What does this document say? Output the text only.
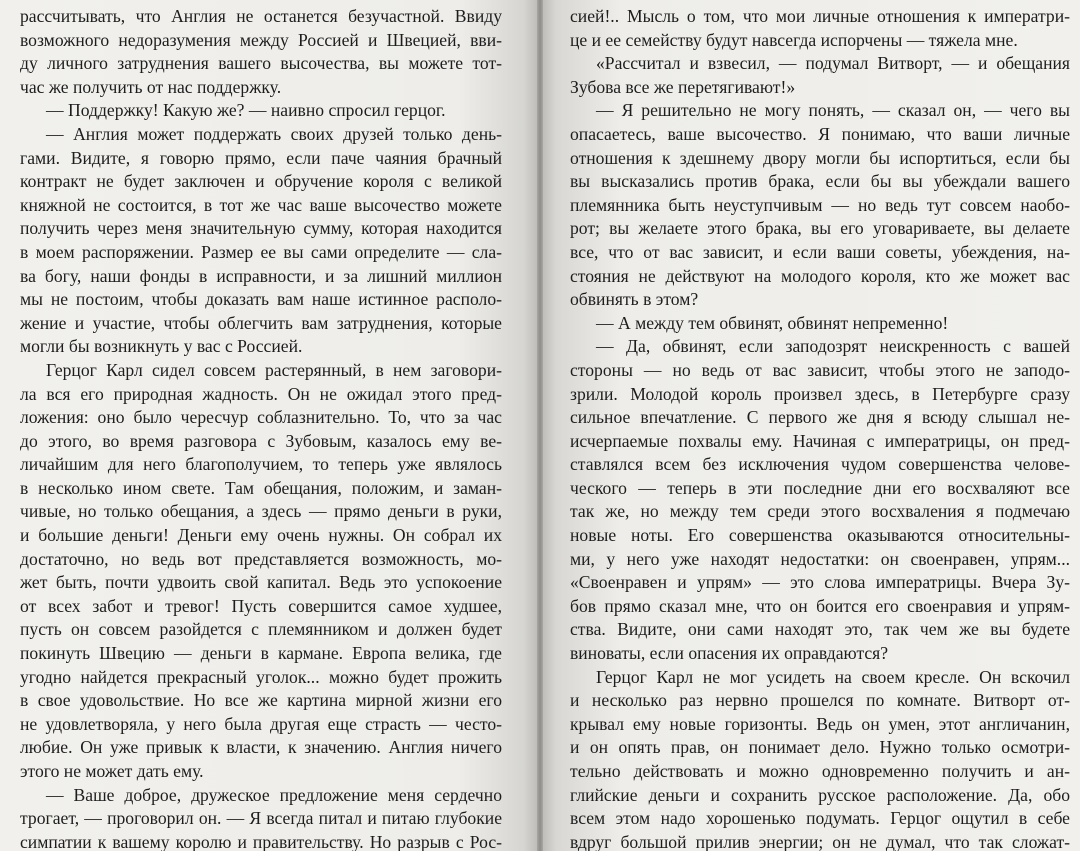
рассчитывать, что Англия не останется безучастной. Ввиду
возможного недоразумения между Россией и Швецией, вви-
ду личного затруднения вашего высочества, вы можете тот-
час же получить от нас поддержку.
— Поддержку! Какую же? — наивно спросил герцог.
— Англия может поддержать своих друзей только день-
гами. Видите, я говорю прямо, если паче чаяния брачный
контракт не будет заключен и обручение короля с великой
княжной не состоится, в тот же час ваше высочество можете
получить через меня значительную сумму, которая находится
в моем распоряжении. Размер ее вы сами определите — сла-
ва богу, наши фонды в исправности, и за лишний миллион
мы не постоим, чтобы доказать вам наше истинное располо-
жение и участие, чтобы облегчить вам затруднения, которые
могли бы возникнуть у вас с Россией.
Герцог Карл сидел совсем растерянный, в нем заговори-
ла вся его природная жадность. Он не ожидал этого пред-
ложения: оно было чересчур соблазнительно. То, что за час
до этого, во время разговора с Зубовым, казалось ему ве-
личайшим для него благополучием, то теперь уже являлось
в несколько ином свете. Там обещания, положим, и заман-
чивые, но только обещания, а здесь — прямо деньги в руки,
и большие деньги! Деньги ему очень нужны. Он собрал их
достаточно, но ведь вот представляется возможность, мо-
жет быть, почти удвоить свой капитал. Ведь это успокоение
от всех забот и тревог! Пусть совершится самое худшее,
пусть он совсем разойдется с племянником и должен будет
покинуть Швецию — деньги в кармане. Европа велика, где
угодно найдется прекрасный уголок... можно будет прожить
в свое удовольствие. Но все же картина мирной жизни его
не удовлетворяла, у него была другая еще страсть — често-
любие. Он уже привык к власти, к значению. Англия ничего
этого не может дать ему.
— Ваше доброе, дружеское предложение меня сердечно
трогает, — проговорил он. — Я всегда питал и питаю глубокие
симпатии к вашему королю и правительству. Но разрыв с Рос-
сией!.. Мысль о том, что мои личные отношения к императри-
це и ее семейству будут навсегда испорчены — тяжела мне.
«Рассчитал и взвесил, — подумал Витворт, — и обещания
Зубова все же перетягивают!»
— Я решительно не могу понять, — сказал он, — чего вы
опасаетесь, ваше высочество. Я понимаю, что ваши личные
отношения к здешнему двору могли бы испортиться, если бы
вы высказались против брака, если бы вы убеждали вашего
племянника быть неуступчивым — но ведь тут совсем наобо-
рот; вы желаете этого брака, вы его уговариваете, вы делаете
все, что от вас зависит, и если ваши советы, убеждения, на-
стояния не действуют на молодого короля, кто же может вас
обвинять в этом?
— А между тем обвинят, обвинят непременно!
— Да, обвинят, если заподозрят неискренность с вашей
стороны — но ведь от вас зависит, чтобы этого не заподо-
зрили. Молодой король произвел здесь, в Петербурге сразу
сильное впечатление. С первого же дня я всюду слышал не-
исчерпаемые похвалы ему. Начиная с императрицы, он пред-
ставлялся всем без исключения чудом совершенства челове-
ческого — теперь в эти последние дни его восхваляют все
так же, но между тем среди этого восхваления я подмечаю
новые ноты. Его совершенства оказываются относительны-
ми, у него уже находят недостатки: он своенравен, упрям...
«Своенравен и упрям» — это слова императрицы. Вчера Зу-
бов прямо сказал мне, что он боится его своенравия и упрям-
ства. Видите, они сами находят это, так чем же вы будете
виноваты, если опасения их оправдаются?
Герцог Карл не мог усидеть на своем кресле. Он вскочил
и несколько раз нервно прошелся по комнате. Витворт от-
крывал ему новые горизонты. Ведь он умен, этот англичанин,
и он опять прав, он понимает дело. Нужно только осмотри-
тельно действовать и можно одновременно получить и ан-
глийские деньги и сохранить русское расположение. Да, обо
всем этом надо хорошенько подумать. Герцог ощутил в себе
вдруг большой прилив энергии; он не думал, что так сложат-
